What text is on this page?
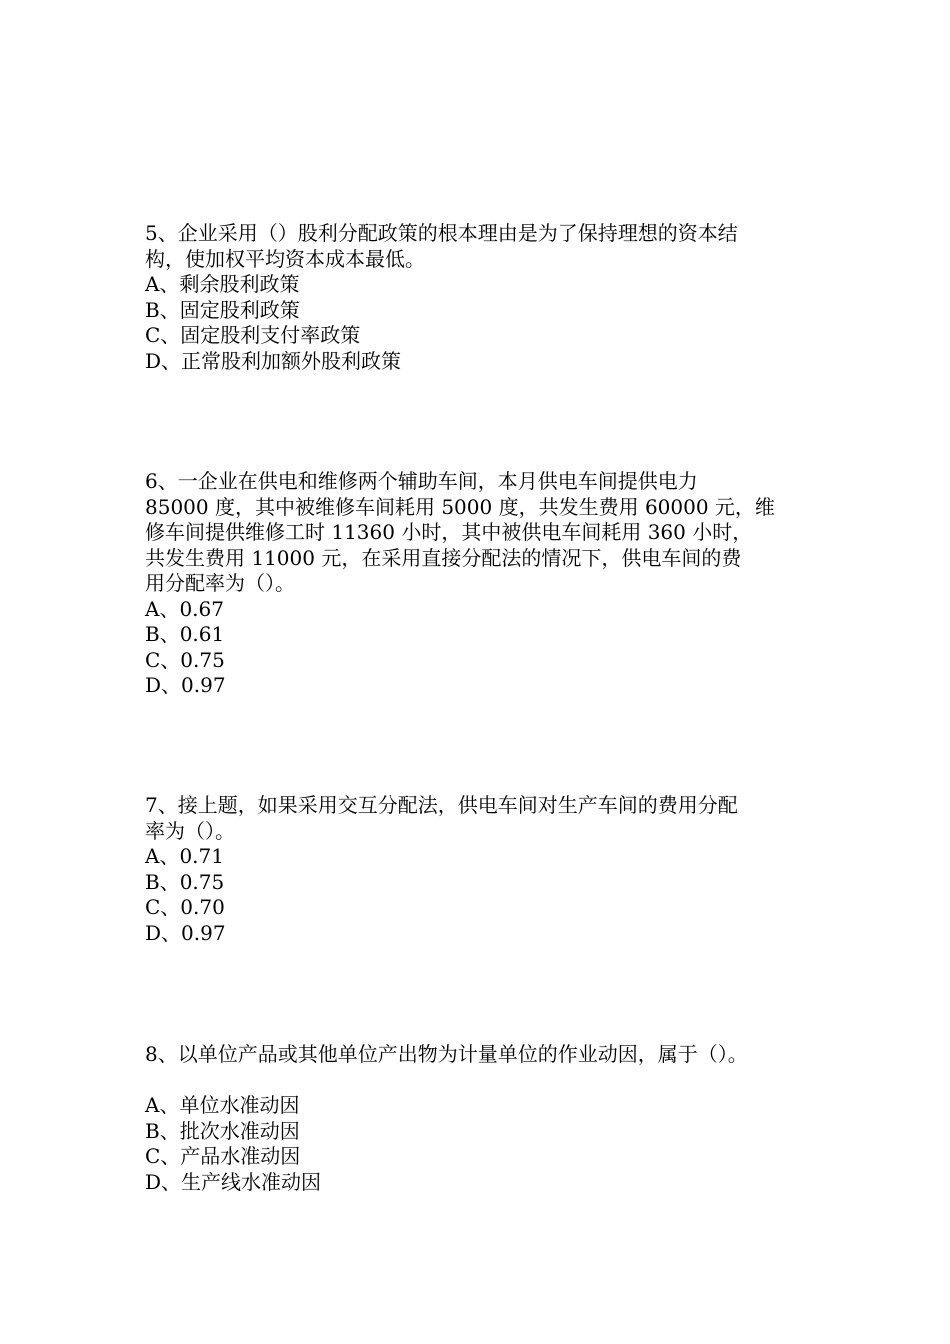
5、企业采用（）股利分配政策的根本理由是为了保持理想的资本结
构，使加权平均资本成本最低。
A、剩余股利政策
B、固定股利政策
C、固定股利支付率政策
D、正常股利加额外股利政策
6、一企业在供电和维修两个辅助车间，本月供电车间提供电力
85000 度，其中被维修车间耗用 5000 度，共发生费用 60000 元，维
修车间提供维修工时 11360 小时，其中被供电车间耗用 360 小时，
共发生费用 11000 元，在采用直接分配法的情况下，供电车间的费
用分配率为（）。
A、0.67
B、0.61
C、0.75
D、0.97
7、接上题，如果采用交互分配法，供电车间对生产车间的费用分配
率为（）。
A、0.71
B、0.75
C、0.70
D、0.97
8、以单位产品或其他单位产出物为计量单位的作业动因，属于（）。
A、单位水准动因
B、批次水准动因
C、产品水准动因
D、生产线水准动因
